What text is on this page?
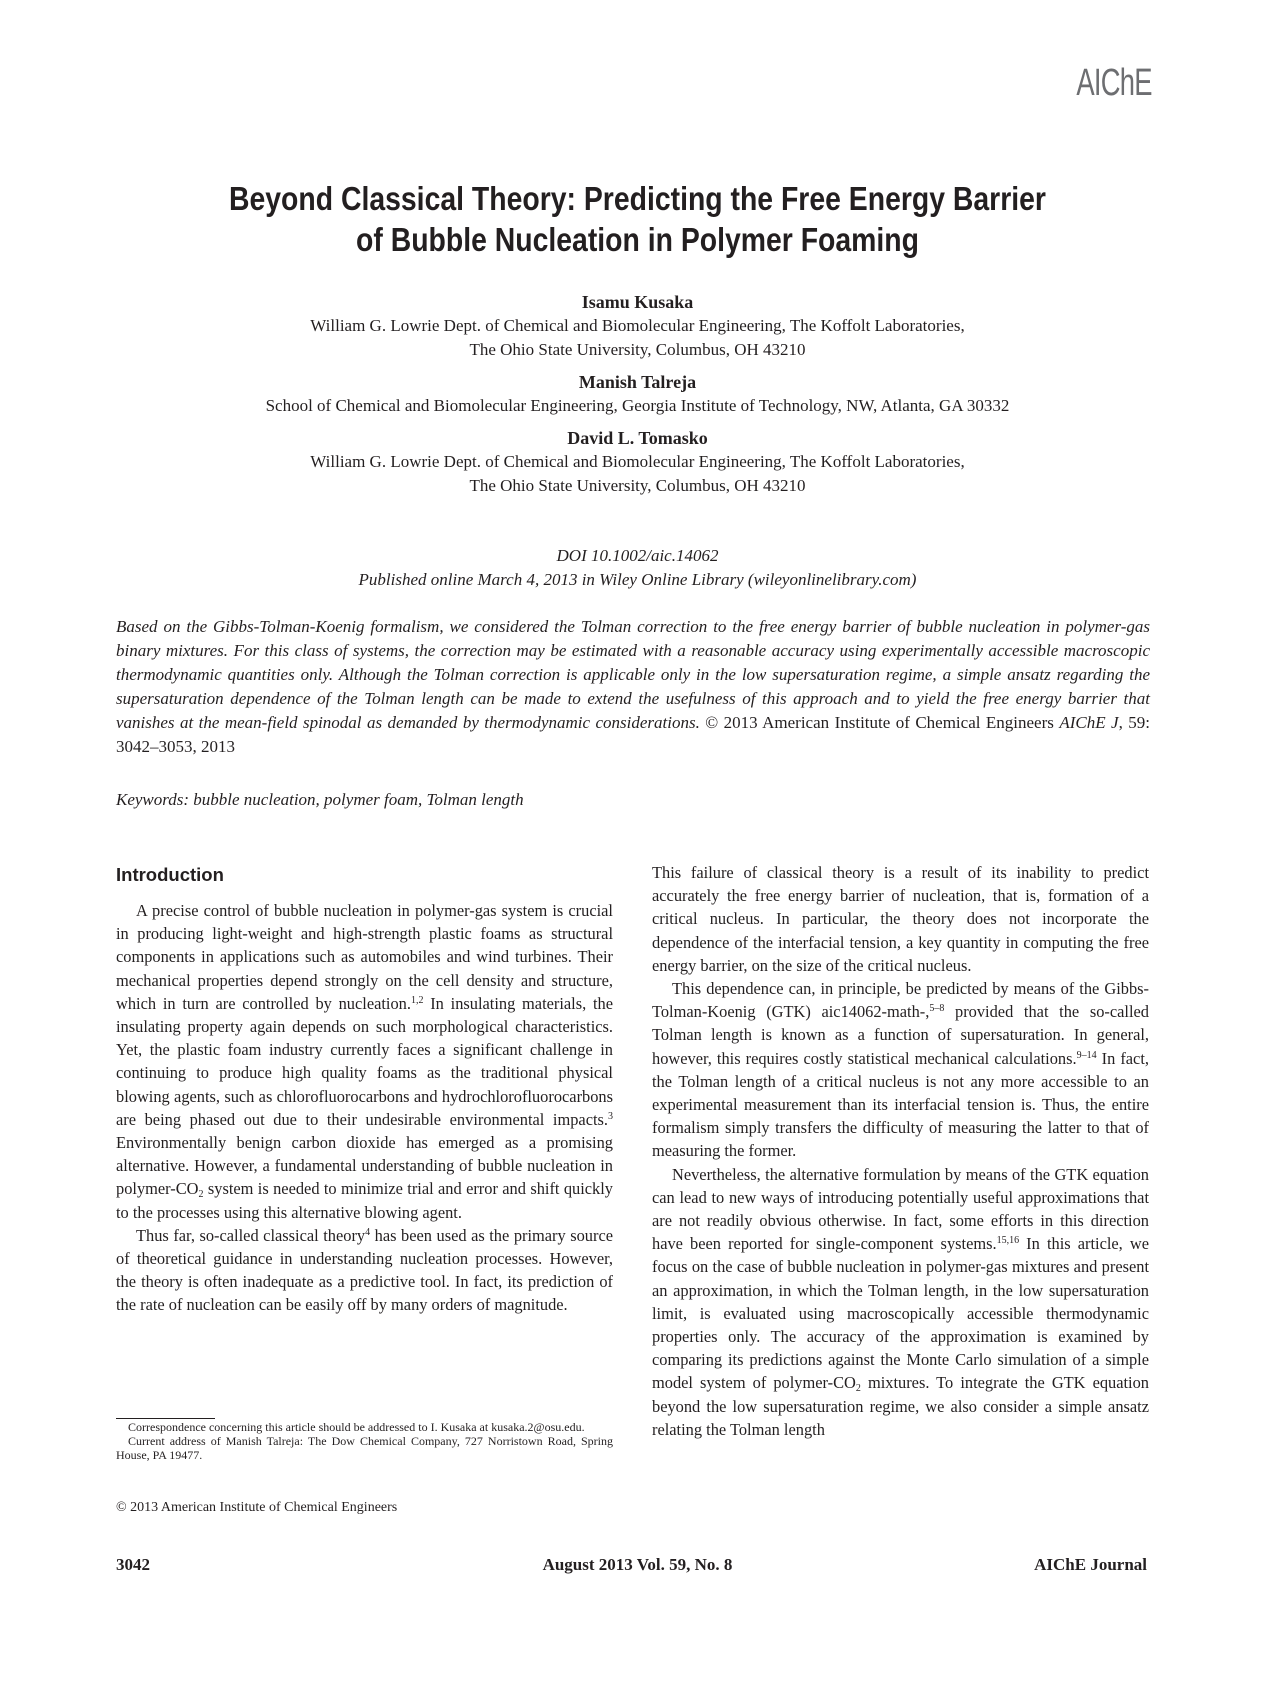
AIChE
Beyond Classical Theory: Predicting the Free Energy Barrier
of Bubble Nucleation in Polymer Foaming
Isamu Kusaka
William G. Lowrie Dept. of Chemical and Biomolecular Engineering, The Koffolt Laboratories,
The Ohio State University, Columbus, OH 43210
Manish Talreja
School of Chemical and Biomolecular Engineering, Georgia Institute of Technology, NW, Atlanta, GA 30332
David L. Tomasko
William G. Lowrie Dept. of Chemical and Biomolecular Engineering, The Koffolt Laboratories,
The Ohio State University, Columbus, OH 43210
DOI 10.1002/aic.14062
Published online March 4, 2013 in Wiley Online Library (wileyonlinelibrary.com)
Based on the Gibbs-Tolman-Koenig formalism, we considered the Tolman correction to the free energy barrier of bubble nucleation in polymer-gas binary mixtures. For this class of systems, the correction may be estimated with a reasonable accuracy using experimentally accessible macroscopic thermodynamic quantities only. Although the Tolman correction is applicable only in the low supersaturation regime, a simple ansatz regarding the supersaturation dependence of the Tolman length can be made to extend the usefulness of this approach and to yield the free energy barrier that vanishes at the mean-field spinodal as demanded by thermodynamic considerations. © 2013 American Institute of Chemical Engineers AIChE J, 59: 3042–3053, 2013
Keywords: bubble nucleation, polymer foam, Tolman length
Introduction

A precise control of bubble nucleation in polymer-gas system is crucial in producing light-weight and high-strength plastic foams as structural components in applications such as automobiles and wind turbines. Their mechanical properties depend strongly on the cell density and structure, which in turn are controlled by nucleation.$^{1,2}$ In insulating materials, the insulating property again depends on such morphological characteristics. Yet, the plastic foam industry currently faces a significant challenge in continuing to produce high quality foams as the traditional physical blowing agents, such as chlorofluorocarbons and hydrochlorofluorocarbons are being phased out due to their undesirable environmental impacts.$^3$ Environmentally benign carbon dioxide has emerged as a promising alternative. However, a fundamental understanding of bubble nucleation in polymer-$CO_2$ system is needed to minimize trial and error and shift quickly to the processes using this alternative blowing agent.

Thus far, so-called classical theory$^4$ has been used as the primary source of theoretical guidance in understanding nucleation processes. However, the theory is often inadequate as a predictive tool. In fact, its prediction of the rate of nucleation can be easily off by many orders of magnitude.

This failure of classical theory is a result of its inability to predict accurately the free energy barrier of nucleation, that is, formation of a critical nucleus. In particular, the theory does not incorporate the dependence of the interfacial tension, a key quantity in computing the free energy barrier, on the size of the critical nucleus.

This dependence can, in principle, be predicted by means of the Gibbs-Tolman-Koenig (GTK) aic14062-math-,$^{5-8}$ provided that the so-called Tolman length is known as a function of supersaturation. In general, however, this requires costly statistical mechanical calculations.$^{9-14}$ In fact, the Tolman length of a critical nucleus is not any more accessible to an experimental measurement than its interfacial tension is. Thus, the entire formalism simply transfers the difficulty of measuring the latter to that of measuring the former.

Nevertheless, the alternative formulation by means of the GTK equation can lead to new ways of introducing potentially useful approximations that are not readily obvious otherwise. In fact, some efforts in this direction have been reported for single-component systems.$^{15,16}$ In this article, we focus on the case of bubble nucleation in polymer-gas mixtures and present an approximation, in which the Tolman length, in the low supersaturation limit, is evaluated using macroscopically accessible thermodynamic properties only. The accuracy of the approximation is examined by comparing its predictions against the Monte Carlo simulation of a simple model system of polymer-$CO_2$ mixtures. To integrate the GTK equation beyond the low supersaturation regime, we also consider a simple ansatz relating the Tolman length

Correspondence concerning this article should be addressed to I. Kusaka at kusaka.2@osu.edu.

Current address of Manish Talreja: The Dow Chemical Company, 727 Norristown Road, Spring House, PA 19477.

© 2013 American Institute of Chemical Engineers
3042	August 2013 Vol. 59, No. 8	AIChE Journal
